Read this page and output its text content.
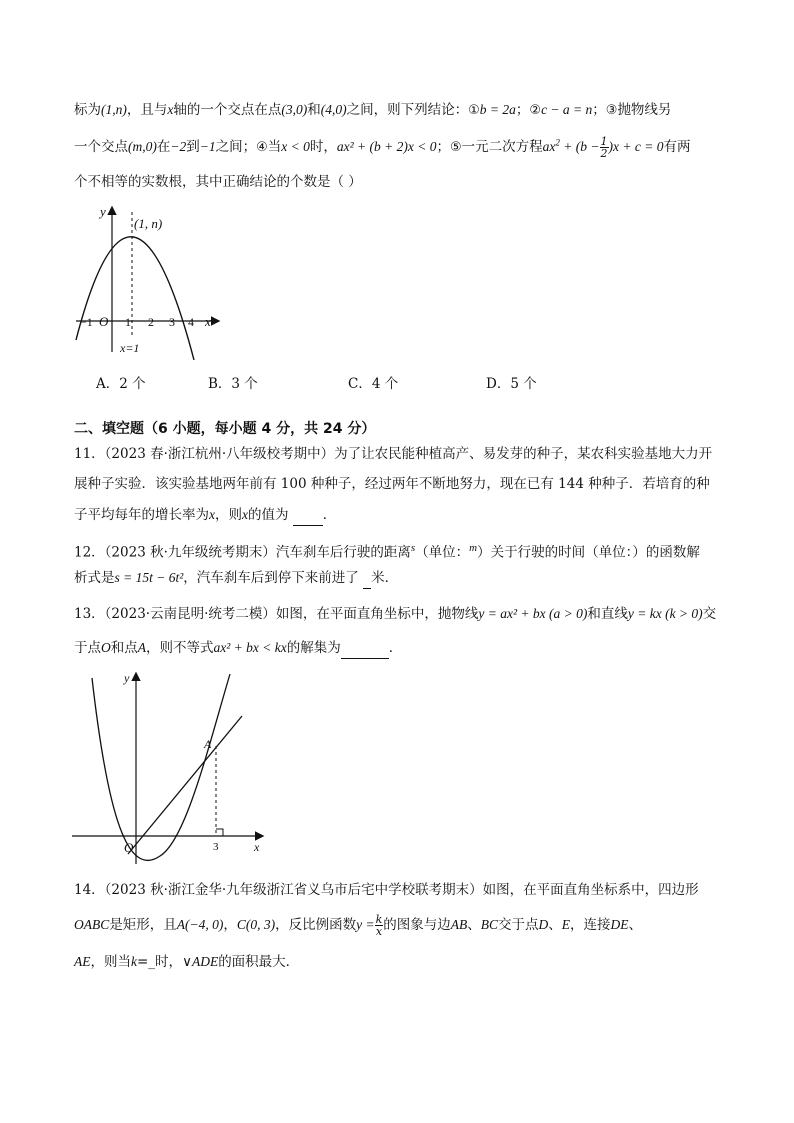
标为(1,n)，且与x轴的一个交点在点(3,0)和(4,0)之间，则下列结论：①b = 2a；②c − a = n；③抛物线另
一个交点(m,0)在−2到−1之间；④当x < 0时，ax² + (b + 2)x < 0；⑤一元二次方程$ax^2 + (b - \frac{1}{2} )x + c = 0$有两
个不相等的实数根，其中正确结论的个数是（ ）
y
x
(1, n)
−1 O 1 2 3 4
x=1
A．2 个	B．3 个	C．4 个	D．5 个
二、填空题（6 小题，每小题 4 分，共 24 分）
11．（2023 春·浙江杭州·八年级校考期中）为了让农民能种植高产、易发芽的种子，某农科实验基地大力开
展种子实验．该实验基地两年前有 100 种种子，经过两年不断地努力，现在已有 144 种种子．若培育的种
子平均每年的增长率为x，则x的值为	．
12．（2023 秋·九年级统考期末）汽车刹车后行驶的距离$^s$（单位：$^m$）关于行驶的时间（单位：）的函数解
析式是s = 15t − 6t²，汽车刹车后到停下来前进了 米．
13．（2023·云南昆明·统考二模）如图，在平面直角坐标中，抛物线y = ax² + bx (a > 0)和直线y = kx (k > 0)交
于点O和点A，则不等式ax² + bx < kx的解集为	．
y
x
A
O	3
14．（2023 秋·浙江金华·九年级浙江省义乌市后宅中学校联考期末）如图，在平面直角坐标系中，四边形
OABC是矩形，且A(−4, 0)，C(0, 3)，反比例函数$y = \frac{k}{x}$ 的图象与边AB、BC交于点D、E，连接DE、
AE，则当k=_时，∨ADE的面积最大．
